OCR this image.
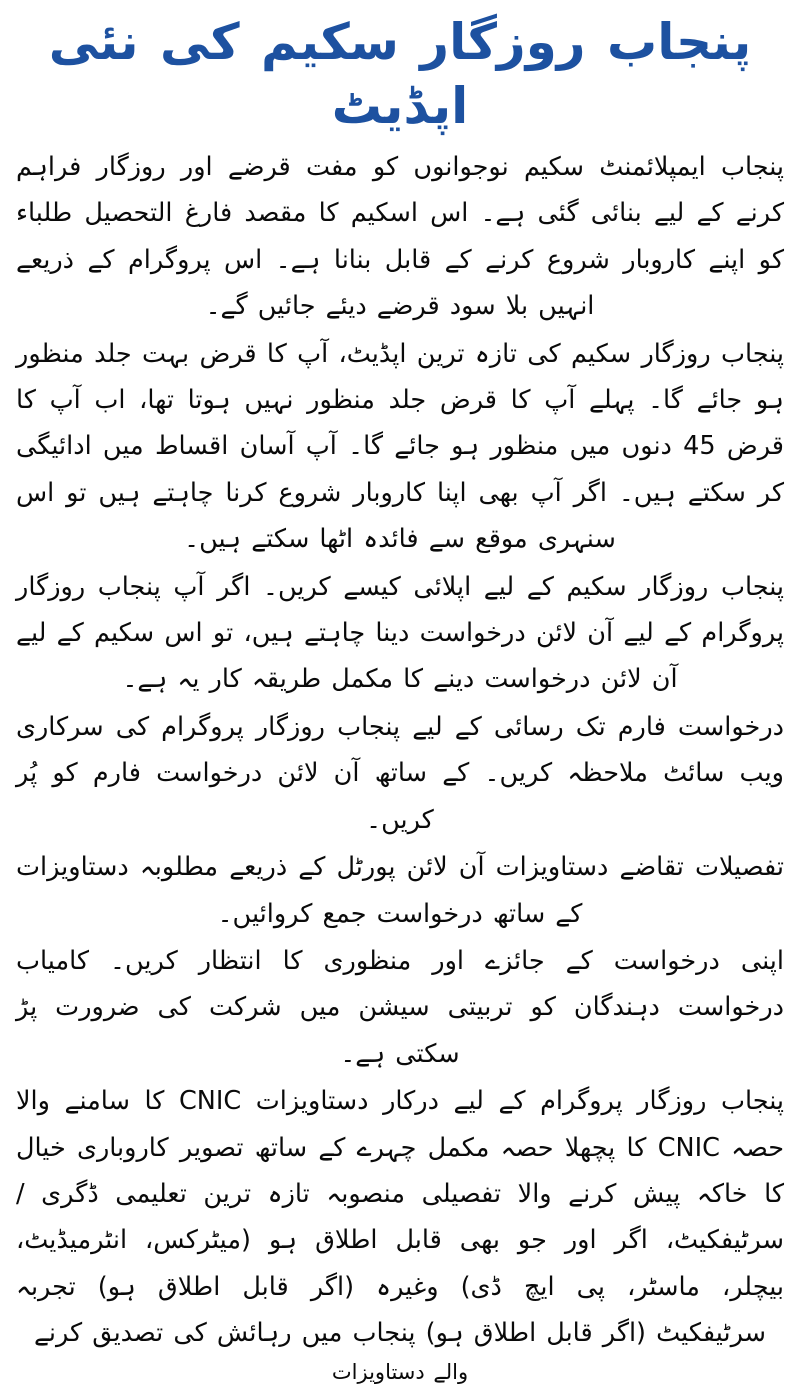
پنجاب روزگار سکیم کی نئی اپڈیٹ

پنجاب ایمپلائمنٹ سکیم نوجوانوں کو مفت قرضے اور روزگار فراہم کرنے کے لیے بنائی گئی ہے۔ اس اسکیم کا مقصد فارغ التحصیل طلباء کو اپنے کاروبار شروع کرنے کے قابل بنانا ہے۔ اس پروگرام کے ذریعے انہیں بلا سود قرضے دیئے جائیں گے۔

پنجاب روزگار سکیم کی تازہ ترین اپڈیٹ، آپ کا قرض بہت جلد منظور ہو جائے گا۔ پہلے آپ کا قرض جلد منظور نہیں ہوتا تھا، اب آپ کا قرض 45 دنوں میں منظور ہو جائے گا۔ آپ آسان اقساط میں ادائیگی کر سکتے ہیں۔ اگر آپ بھی اپنا کاروبار شروع کرنا چاہتے ہیں تو اس سنہری موقع سے فائدہ اٹھا سکتے ہیں۔

پنجاب روزگار سکیم کے لیے اپلائی کیسے کریں۔ اگر آپ پنجاب روزگار پروگرام کے لیے آن لائن درخواست دینا چاہتے ہیں، تو اس سکیم کے لیے آن لائن درخواست دینے کا مکمل طریقہ کار یہ ہے۔

درخواست فارم تک رسائی کے لیے پنجاب روزگار پروگرام کی سرکاری ویب سائٹ ملاحظہ کریں۔ کے ساتھ آن لائن درخواست فارم کو پُر کریں۔

تفصیلات تقاضے دستاویزات آن لائن پورٹل کے ذریعے مطلوبہ دستاویزات کے ساتھ درخواست جمع کروائیں۔

اپنی درخواست کے جائزے اور منظوری کا انتظار کریں۔ کامیاب درخواست دہندگان کو تربیتی سیشن میں شرکت کی ضرورت پڑ سکتی ہے۔

پنجاب روزگار پروگرام کے لیے درکار دستاویزات CNIC کا سامنے والا حصہ CNIC کا پچھلا حصہ مکمل چہرے کے ساتھ تصویر کاروباری خیال کا خاکہ پیش کرنے والا تفصیلی منصوبہ تازہ ترین تعلیمی ڈگری / سرٹیفکیٹ، اگر اور جو بھی قابل اطلاق ہو (میٹرکس، انٹرمیڈیٹ، بیچلر، ماسٹر، پی ایچ ڈی) وغیرہ (اگر قابل اطلاق ہو) تجربہ سرٹیفکیٹ (اگر قابل اطلاق ہو) پنجاب میں رہائش کی تصدیق کرنے

والے دستاویزات
